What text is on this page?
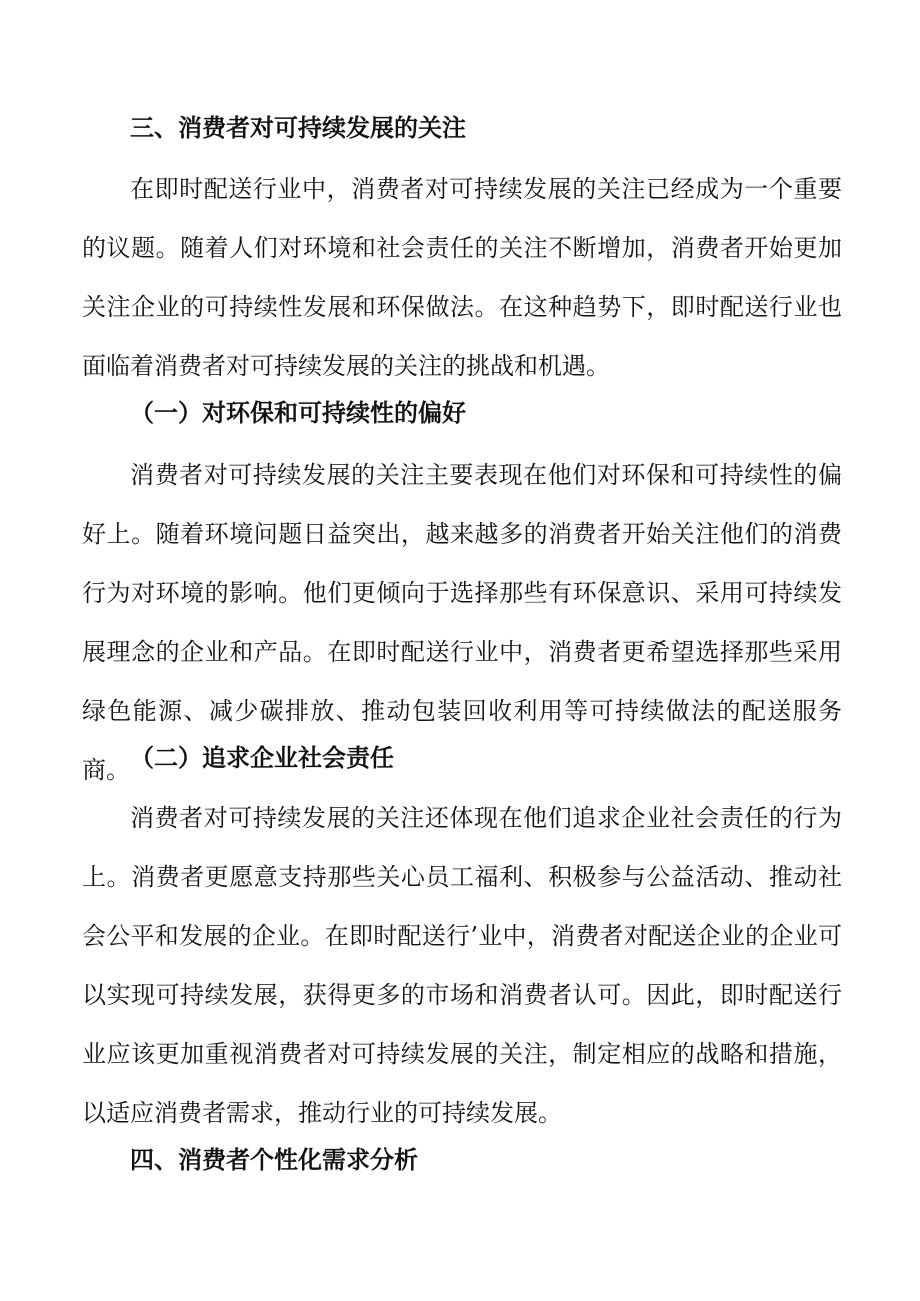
三、消费者对可持续发展的关注

在即时配送行业中，消费者对可持续发展的关注已经成为一个重要的议题。随着人们对环境和社会责任的关注不断增加，消费者开始更加关注企业的可持续性发展和环保做法。在这种趋势下，即时配送行业也面临着消费者对可持续发展的关注的挑战和机遇。

（一）对环保和可持续性的偏好

消费者对可持续发展的关注主要表现在他们对环保和可持续性的偏好上。随着环境问题日益突出，越来越多的消费者开始关注他们的消费行为对环境的影响。他们更倾向于选择那些有环保意识、采用可持续发展理念的企业和产品。在即时配送行业中，消费者更希望选择那些采用绿色能源、减少碳排放、推动包装回收利用等可持续做法的配送服务商。 （二）追求企业社会责任

消费者对可持续发展的关注还体现在他们追求企业社会责任的行为上。消费者更愿意支持那些关心员工福利、积极参与公益活动、推动社会公平和发展的企业。在即时配送行’业中，消费者对配送企业的企业可以实现可持续发展，获得更多的市场和消费者认可。因此，即时配送行业应该更加重视消费者对可持续发展的关注，制定相应的战略和措施，以适应消费者需求，推动行业的可持续发展。

四、消费者个性化需求分析
